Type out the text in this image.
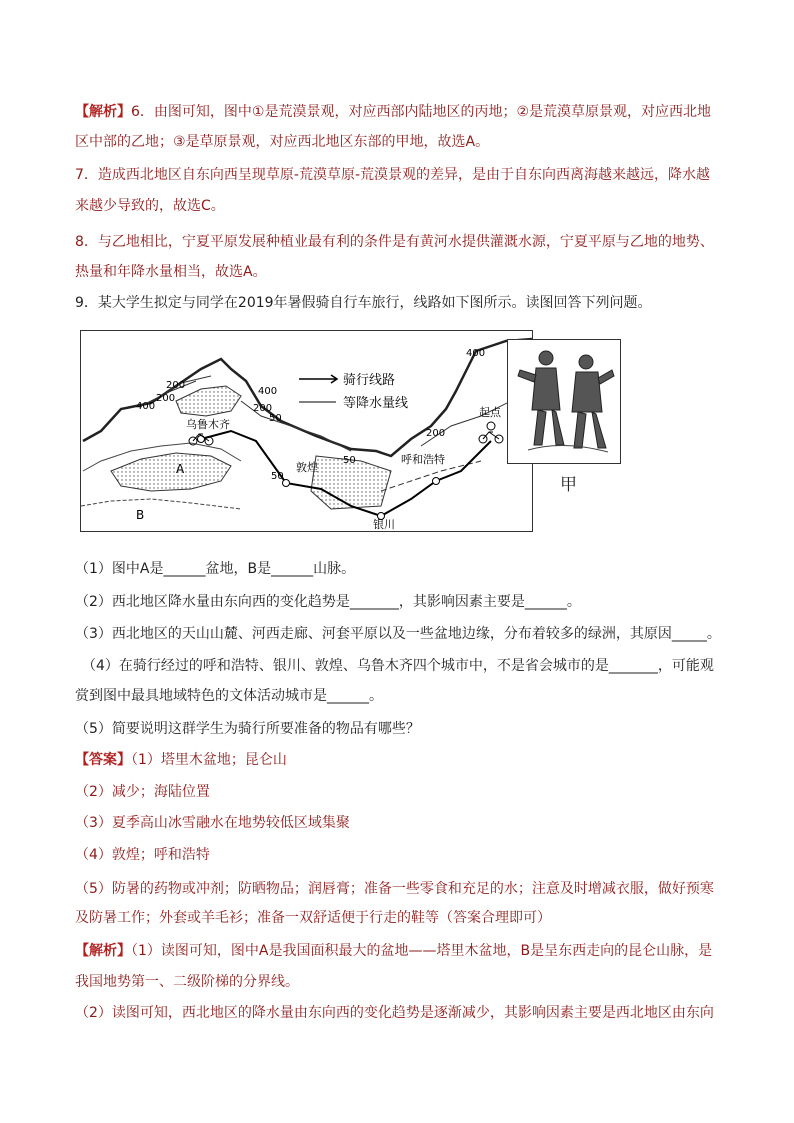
【解析】6．由图可知，图中①是荒漠景观，对应西部内陆地区的丙地；②是荒漠草原景观，对应西北地
区中部的乙地；③是草原景观，对应西北地区东部的甲地，故选A。
7．造成西北地区自东向西呈现草原-荒漠草原-荒漠景观的差异，是由于自东向西离海越来越远，降水越
来越少导致的，故选C。
8．与乙地相比，宁夏平原发展种植业最有利的条件是有黄河水提供灌溉水源，宁夏平原与乙地的地势、
热量和年降水量相当，故选A。
9．某大学生拟定与同学在2019年暑假骑自行车旅行，线路如下图所示。读图回答下列问题。
（1）图中A是______盆地，B是______山脉。
（2）西北地区降水量由东向西的变化趋势是_______，其影响因素主要是______。
（3）西北地区的天山山麓、河西走廊、河套平原以及一些盆地边缘，分布着较多的绿洲，其原因_____。
（4）在骑行经过的呼和浩特、银川、敦煌、乌鲁木齐四个城市中，不是省会城市的是_______，可能观
赏到图中最具地域特色的文体活动城市是______。
（5）简要说明这群学生为骑行所要准备的物品有哪些？
【答案】（1）塔里木盆地；昆仑山
（2）减少；海陆位置
（3）夏季高山冰雪融水在地势较低区域集聚
（4）敦煌；呼和浩特
（5）防暑的药物或冲剂；防晒物品；润唇膏；准备一些零食和充足的水；注意及时增减衣服，做好预寒
及防暑工作；外套或羊毛衫；准备一双舒适便于行走的鞋等（答案合理即可）
【解析】（1）读图可知，图中A是我国面积最大的盆地——塔里木盆地，B是呈东西走向的昆仑山脉，是
我国地势第一、二级阶梯的分界线。
（2）读图可知，西北地区的降水量由东向西的变化趋势是逐渐减少，其影响因素主要是西北地区由东向
骑行线路
等降水量线
乌鲁木齐
敦煌
呼和浩特
银川
起点
A
B
200
400
200
400
200
50
50
50
400
200
甲
